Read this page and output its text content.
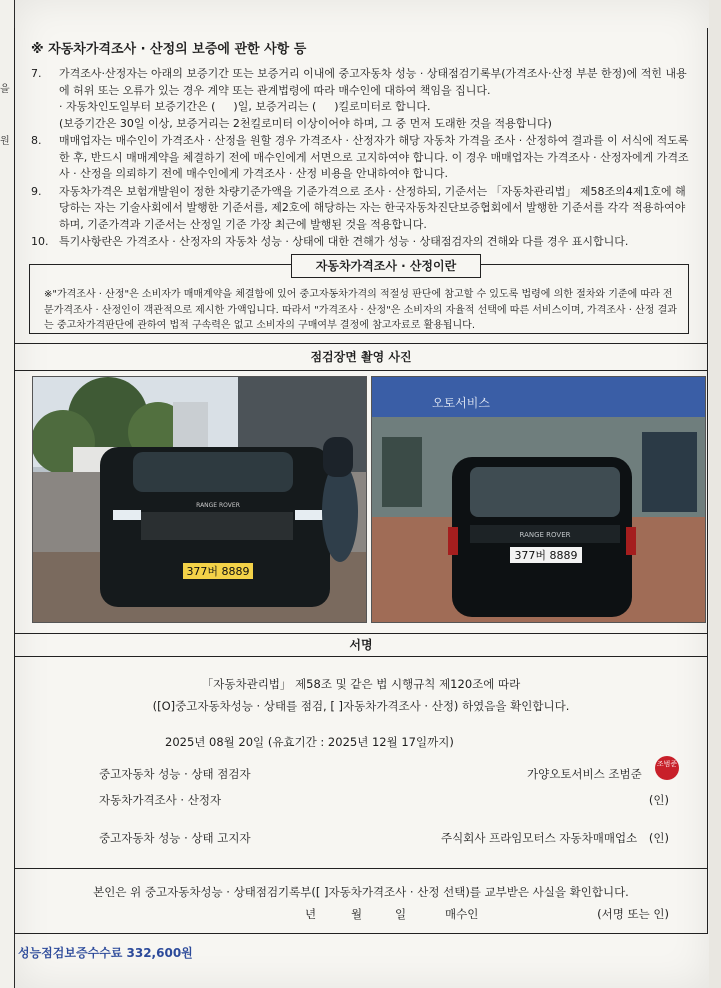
을
원
※ 자동차가격조사 · 산정의 보증에 관한 사항 등
7.	가격조사·산정자는 아래의 보증기간 또는 보증거리 이내에 중고자동차 성능 · 상태점검기록부(가격조사·산정 부분 한정)에 적힌 내용에 허위 또는 오류가 있는 경우 계약 또는 관계법령에 따라 매수인에 대하여 책임을 집니다.
· 자동차인도일부터 보증기간은 ( )일, 보증거리는 ( )킬로미터로 합니다.
(보증기간은 30일 이상, 보증거리는 2천킬로미터 이상이어야 하며, 그 중 먼저 도래한 것을 적용합니다)
8.	매매업자는 매수인이 가격조사 · 산정을 원할 경우 가격조사 · 산정자가 해당 자동차 가격을 조사 · 산정하여 결과를 이 서식에 적도록 한 후, 반드시 매매계약을 체결하기 전에 매수인에게 서면으로 고지하여야 합니다. 이 경우 매매업자는 가격조사 · 산정자에게 가격조사 · 산정을 의뢰하기 전에 매수인에게 가격조사 · 산정 비용을 안내하여야 합니다.
9.	자동차가격은 보험개발원이 정한 차량기준가액을 기준가격으로 조사 · 산정하되, 기준서는 「자동차관리법」 제58조의4제1호에 해당하는 자는 기술사회에서 발행한 기준서를, 제2호에 해당하는 자는 한국자동차진단보증협회에서 발행한 기준서를 각각 적용하여야 하며, 기준가격과 기준서는 산정일 기준 가장 최근에 발행된 것을 적용합니다.
10. 특기사항란은 가격조사 · 산정자의 자동차 성능 · 상태에 대한 견해가 성능 · 상태점검자의 견해와 다를 경우 표시합니다.
※"가격조사 · 산정"은 소비자가 매매계약을 체결함에 있어 중고자동차가격의 적절성 판단에 참고할 수 있도록 법령에 의한 절차와 기준에 따라 전문가격조사 · 산정인이 객관적으로 제시한 가액입니다. 따라서 "가격조사 · 산정"은 소비자의 자율적 선택에 따른 서비스이며, 가격조사 · 산정 결과는 중고차가격판단에 관하여 법적 구속력은 없고 소비자의 구매여부 결정에 참고자료로 활용됩니다.
자동차가격조사 · 산정이란
점검장면 촬영 사진
377버 8889
RANGE ROVER
오토서비스
RANGE ROVER
377버 8889
서명
「자동차관리법」 제58조 및 같은 법 시행규칙 제120조에 따라
([O]중고자동차성능 · 상태를 점검, [ ]자동차가격조사 · 산정) 하였음을 확인합니다.
2025년 08월 20일 (유효기간 : 2025년 12월 17일까지)
중고자동차 성능 · 상태 점검자	가양오토서비스 조범준
조범준
자동차가격조사 · 산정자	(인)
중고자동차 성능 · 상태 고지자	주식회사 프라임모터스 자동차매매업소 (인)
본인은 위 중고자동차성능 · 상태점검기록부([ ]자동차가격조사 · 산정 선택)를 교부받은 사실을 확인합니다.
년	월	일	매수인	(서명 또는 인)
성능점검보증수수료 332,600원
